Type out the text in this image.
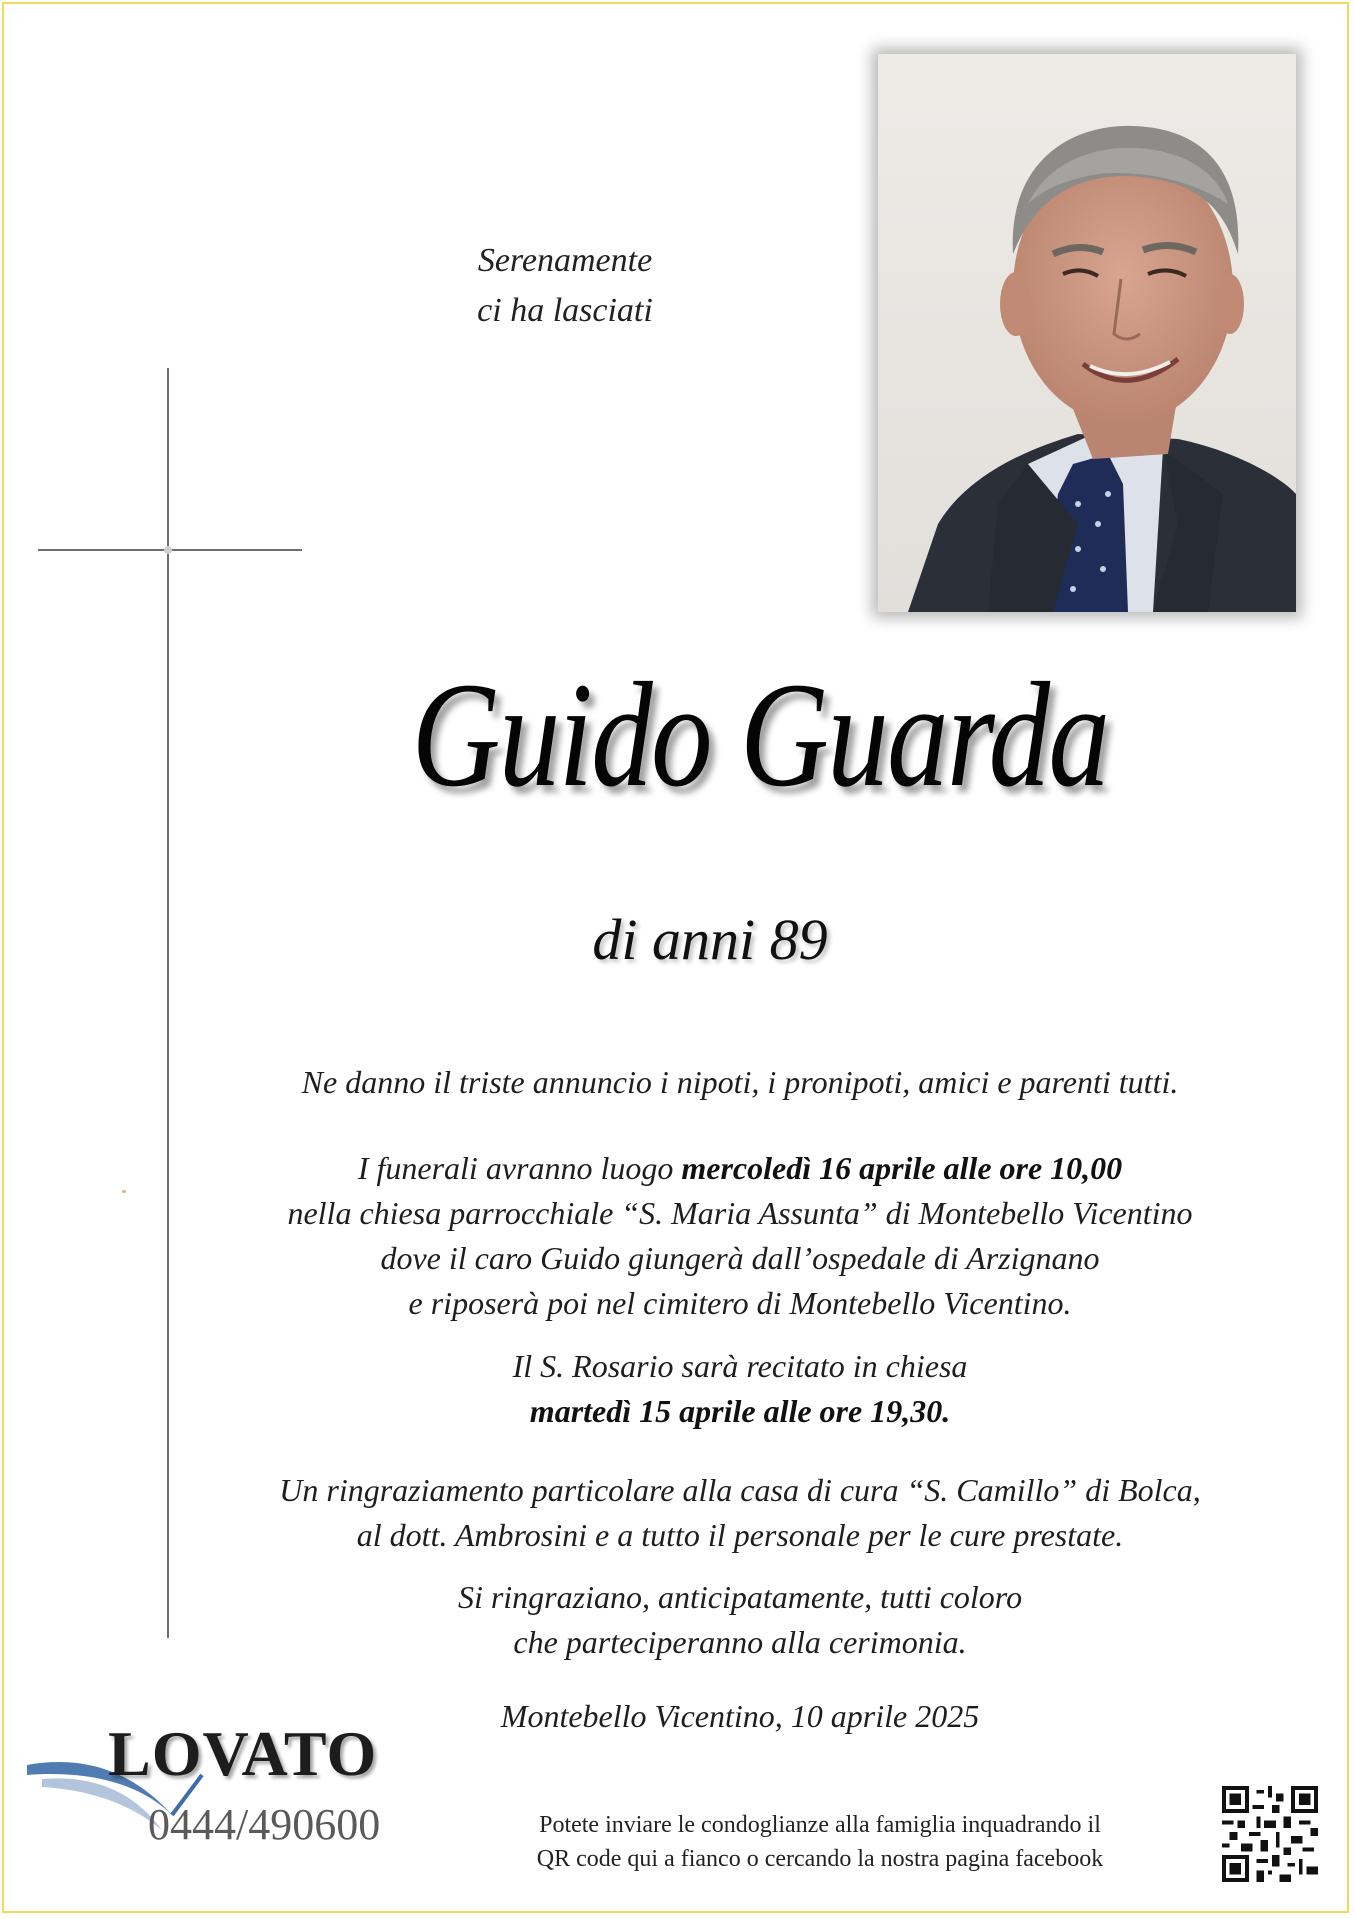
Serenamente
ci ha lasciati
Guido Guarda
di anni 89
Ne danno il triste annuncio i nipoti, i pronipoti, amici e parenti tutti.
I funerali avranno luogo mercoledì 16 aprile alle ore 10,00
nella chiesa parrocchiale “S. Maria Assunta” di Montebello Vicentino
dove il caro Guido giungerà dall’ospedale di Arzignano
e riposerà poi nel cimitero di Montebello Vicentino.
Il S. Rosario sarà recitato in chiesa
martedì 15 aprile alle ore 19,30.
Un ringraziamento particolare alla casa di cura “S. Camillo” di Bolca,
al dott. Ambrosini e a tutto il personale per le cure prestate.
Si ringraziano, anticipatamente, tutti coloro
che parteciperanno alla cerimonia.
Montebello Vicentino, 10 aprile 2025
LOVATO
0444/490600	Potete inviare le condoglianze alla famiglia inquadrando il
QR code qui a fianco o cercando la nostra pagina facebook
